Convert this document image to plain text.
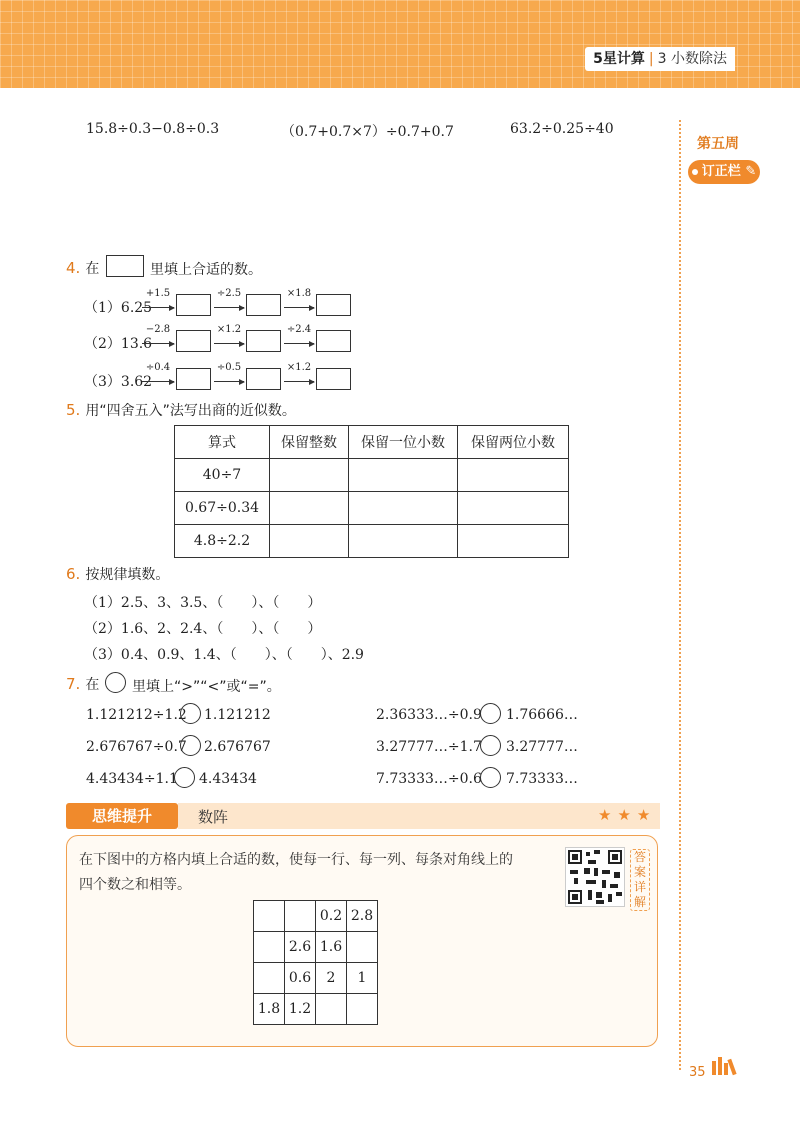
5星计算 | 3 小数除法
第五周
订正栏 ✎
15.8÷0.3−0.8÷0.3	（0.7+0.7×7）÷0.7+0.7	63.2÷0.25÷40
4. 在	里填上合适的数。
（1）6.25
+1.5	÷2.5	×1.8
（2）13.6
−2.8	×1.2	÷2.4
（3）3.62
÷0.4	÷0.5	×1.2
5. 用“四舍五入”法写出商的近似数。
算式	保留整数	保留一位小数	保留两位小数
40÷7			
0.67÷0.34			
4.8÷2.2			
6. 按规律填数。
（1）2.5、3、3.5、（　　）、（　　）
（2）1.6、2、2.4、（　　）、（　　）
（3）0.4、0.9、1.4、（　　）、（　　）、2.9
7. 在 里填上“>”“<”或“=”。
1.121212÷1.2 1.121212	2.36333…÷0.9 1.76666…
2.676767÷0.7 2.676767	3.27777…÷1.7 3.27777…
4.43434÷1.1 4.43434	7.73333…÷0.6 7.73333…
思维提升	数阵	★★★
在下图中的方格内填上合适的数，使每一行、每一列、每条对角线上的
四个数之和相等。
答案详解
		0.2	2.8
	2.6	1.6	
	0.6	2	1
1.8	1.2		
35
